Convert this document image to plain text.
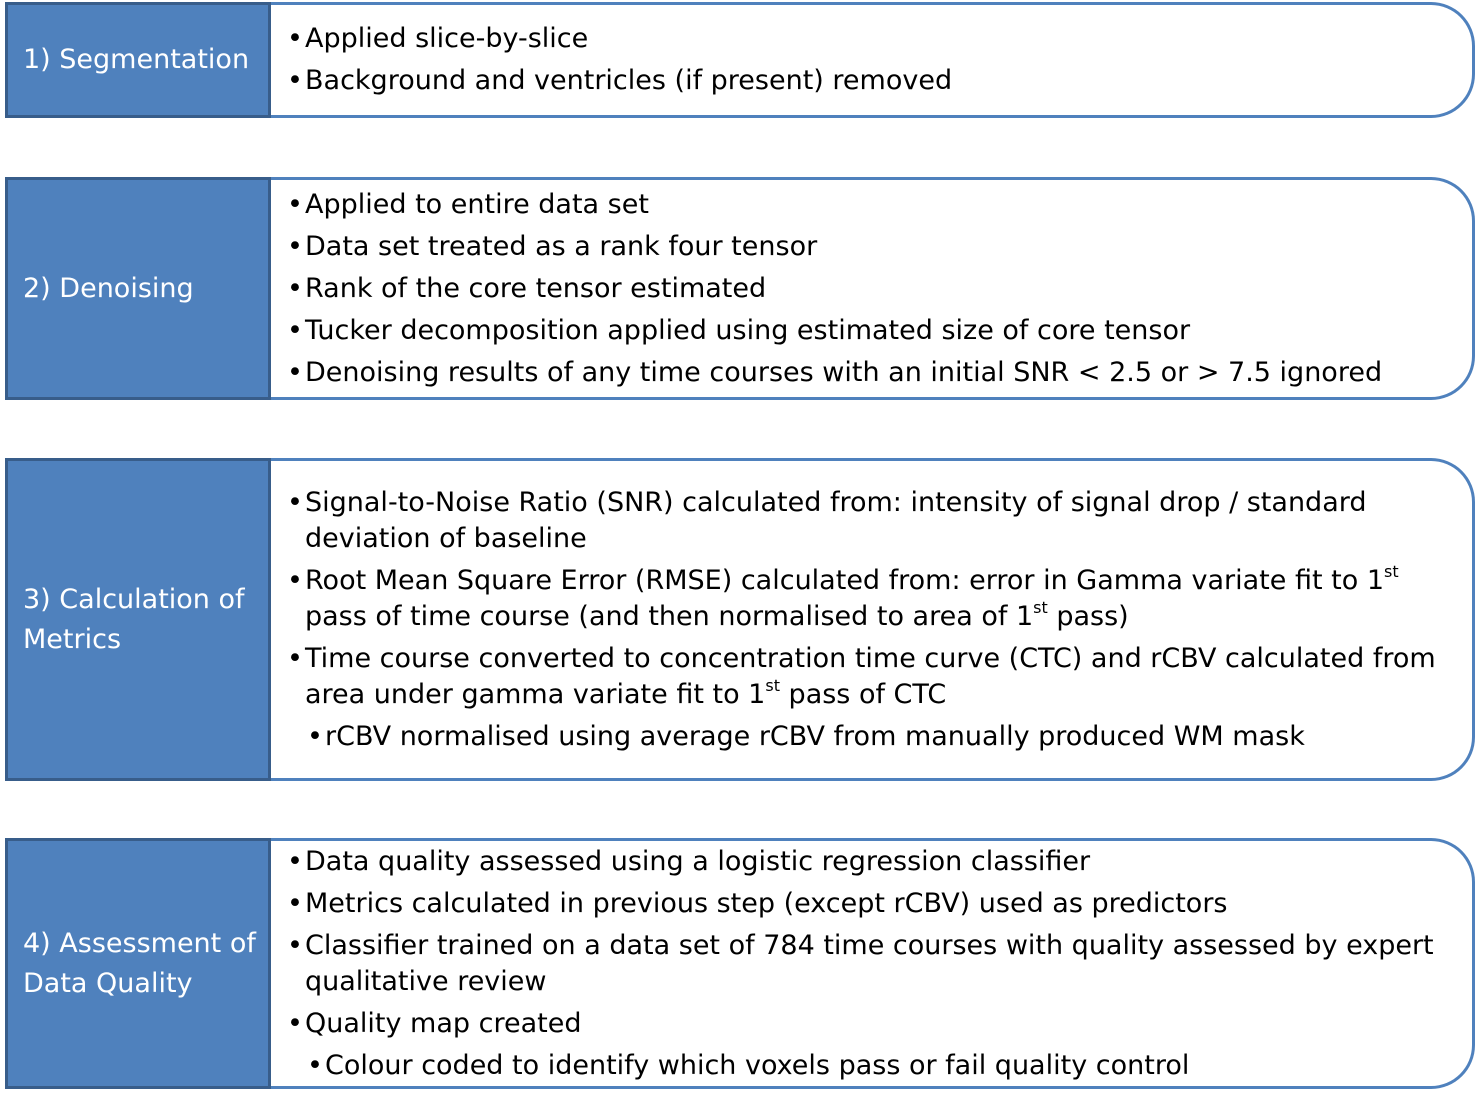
1) Segmentation
• Applied slice-by-slice
• Background and ventricles (if present) removed
2) Denoising
• Applied to entire data set
• Data set treated as a rank four tensor
• Rank of the core tensor estimated
• Tucker decomposition applied using estimated size of core tensor
• Denoising results of any time courses with an initial SNR < 2.5 or > 7.5 ignored
3) Calculation of
Metrics
• Signal-to-Noise Ratio (SNR) calculated from: intensity of signal drop / standard deviation of baseline
• Root Mean Square Error (RMSE) calculated from: error in Gamma variate fit to 1st pass of time course (and then normalised to area of 1st pass)
• Time course converted to concentration time curve (CTC) and rCBV calculated from area under gamma variate fit to 1st pass of CTC
• rCBV normalised using average rCBV from manually produced WM mask
4) Assessment of
Data Quality
• Data quality assessed using a logistic regression classifier
• Metrics calculated in previous step (except rCBV) used as predictors
• Classifier trained on a data set of 784 time courses with quality assessed by expert qualitative review
• Quality map created
• Colour coded to identify which voxels pass or fail quality control
